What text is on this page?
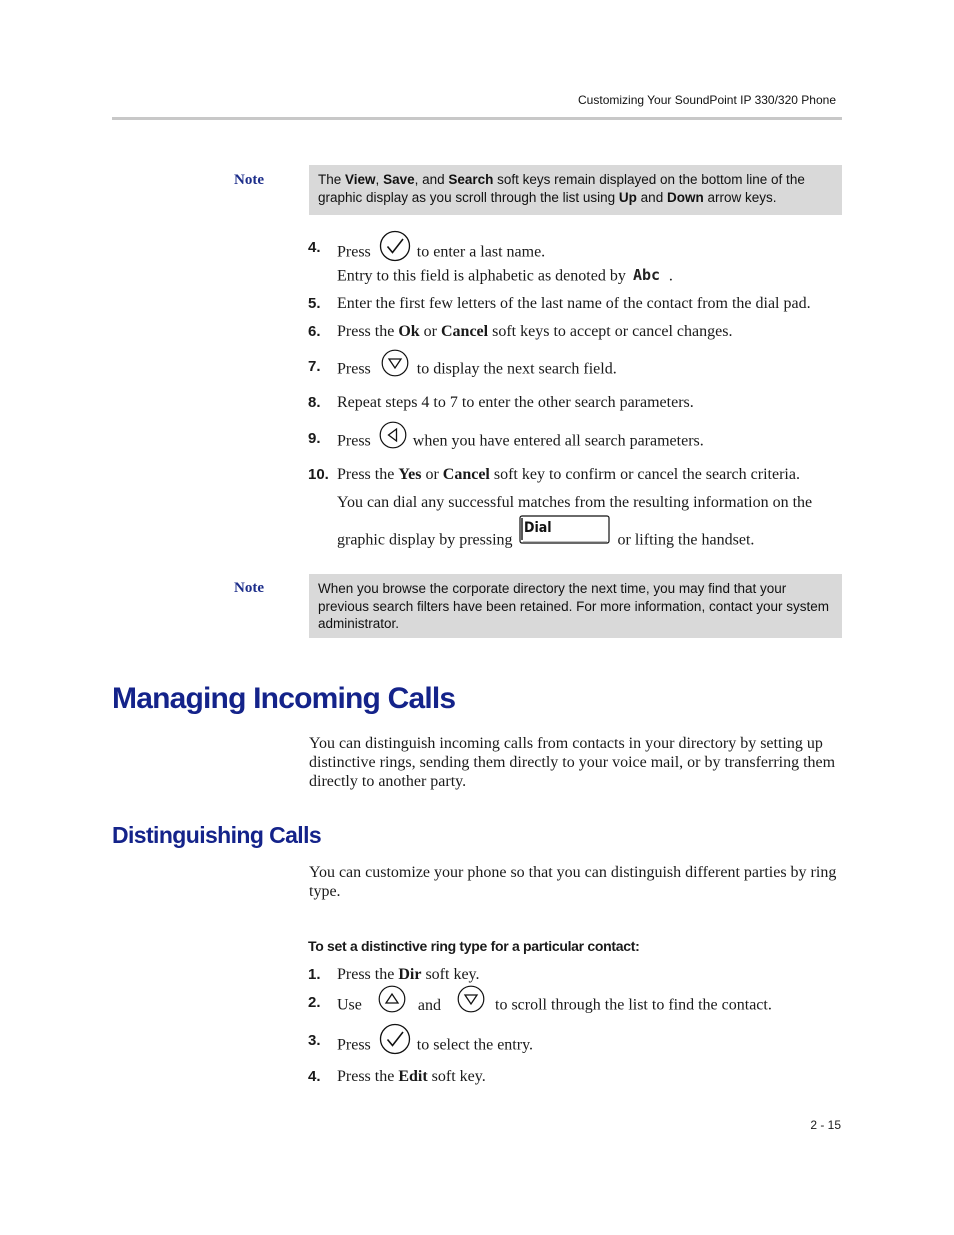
Customizing Your SoundPoint IP 330/320 Phone
Note	The View, Save, and Search soft keys remain displayed on the bottom line of the graphic display as you scroll through the list using Up and Down arrow keys.
4. Press	to enter a last name.
Entry to this field is alphabetic as denoted by Abc .
5. Enter the first few letters of the last name of the contact from the dial pad.
6. Press the Ok or Cancel soft keys to accept or cancel changes.
7. Press	to display the next search field.
8. Repeat steps 4 to 7 to enter the other search parameters.
9. Press	when you have entered all search parameters.
10. Press the Yes or Cancel soft key to confirm or cancel the search criteria.
You can dial any successful matches from the resulting information on the
graphic display by pressing
Dial
or lifting the handset.
Note	When you browse the corporate directory the next time, you may find that your previous search filters have been retained. For more information, contact your system administrator.
Managing Incoming Calls
You can distinguish incoming calls from contacts in your directory by setting up distinctive rings, sending them directly to your voice mail, or by transferring them directly to another party.
Distinguishing Calls
You can customize your phone so that you can distinguish different parties by ring type.
To set a distinctive ring type for a particular contact:
1. Press the Dir soft key.
2. Use	and	to scroll through the list to find the contact.
3. Press	to select the entry.
4. Press the Edit soft key.
2 - 15
